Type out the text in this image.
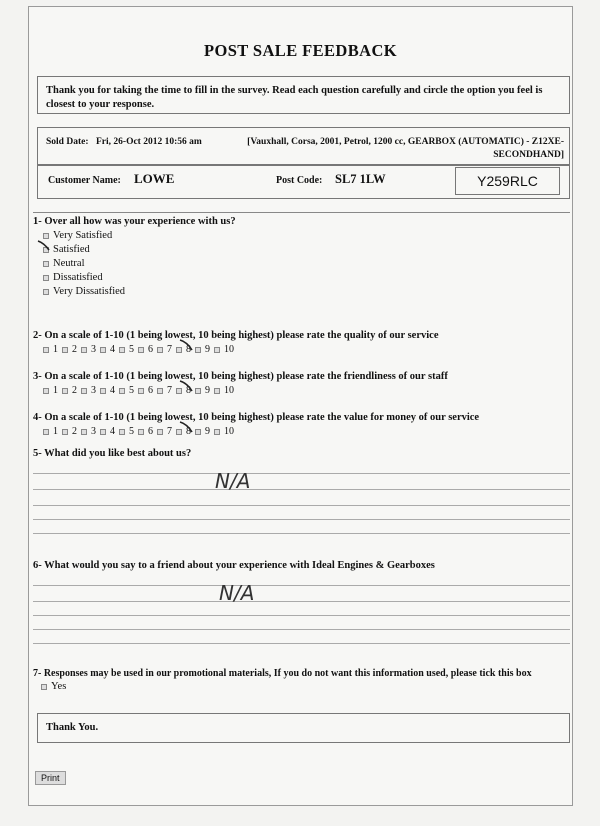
POST SALE FEEDBACK
Thank you for taking the time to fill in the survey. Read each question carefully and circle the option you feel is closest to your response.
Sold Date: Fri, 26-Oct 2012 10:56 am	[Vauxhall, Corsa, 2001, Petrol, 1200 cc, GEARBOX (AUTOMATIC) - Z12XE-
SECONDHAND]
Customer Name: LOWE	Post Code: SL7 1LW	Y259RLC
1- Over all how was your experience with us?
Very Satisfied
Satisfied
Neutral
Dissatisfied
Very Dissatisfied
2- On a scale of 1-10 (1 being lowest, 10 being highest) please rate the quality of our service
1 2 3 4 5 6 7 8 9 10
3- On a scale of 1-10 (1 being lowest, 10 being highest) please rate the friendliness of our staff
1 2 3 4 5 6 7 8 9 10
4- On a scale of 1-10 (1 being lowest, 10 being highest) please rate the value for money of our service
1 2 3 4 5 6 7 8 9 10
5- What did you like best about us?
N/A
6- What would you say to a friend about your experience with Ideal Engines & Gearboxes
N/A
7- Responses may be used in our promotional materials, If you do not want this information used, please tick this box
Yes
Thank You.
Print
